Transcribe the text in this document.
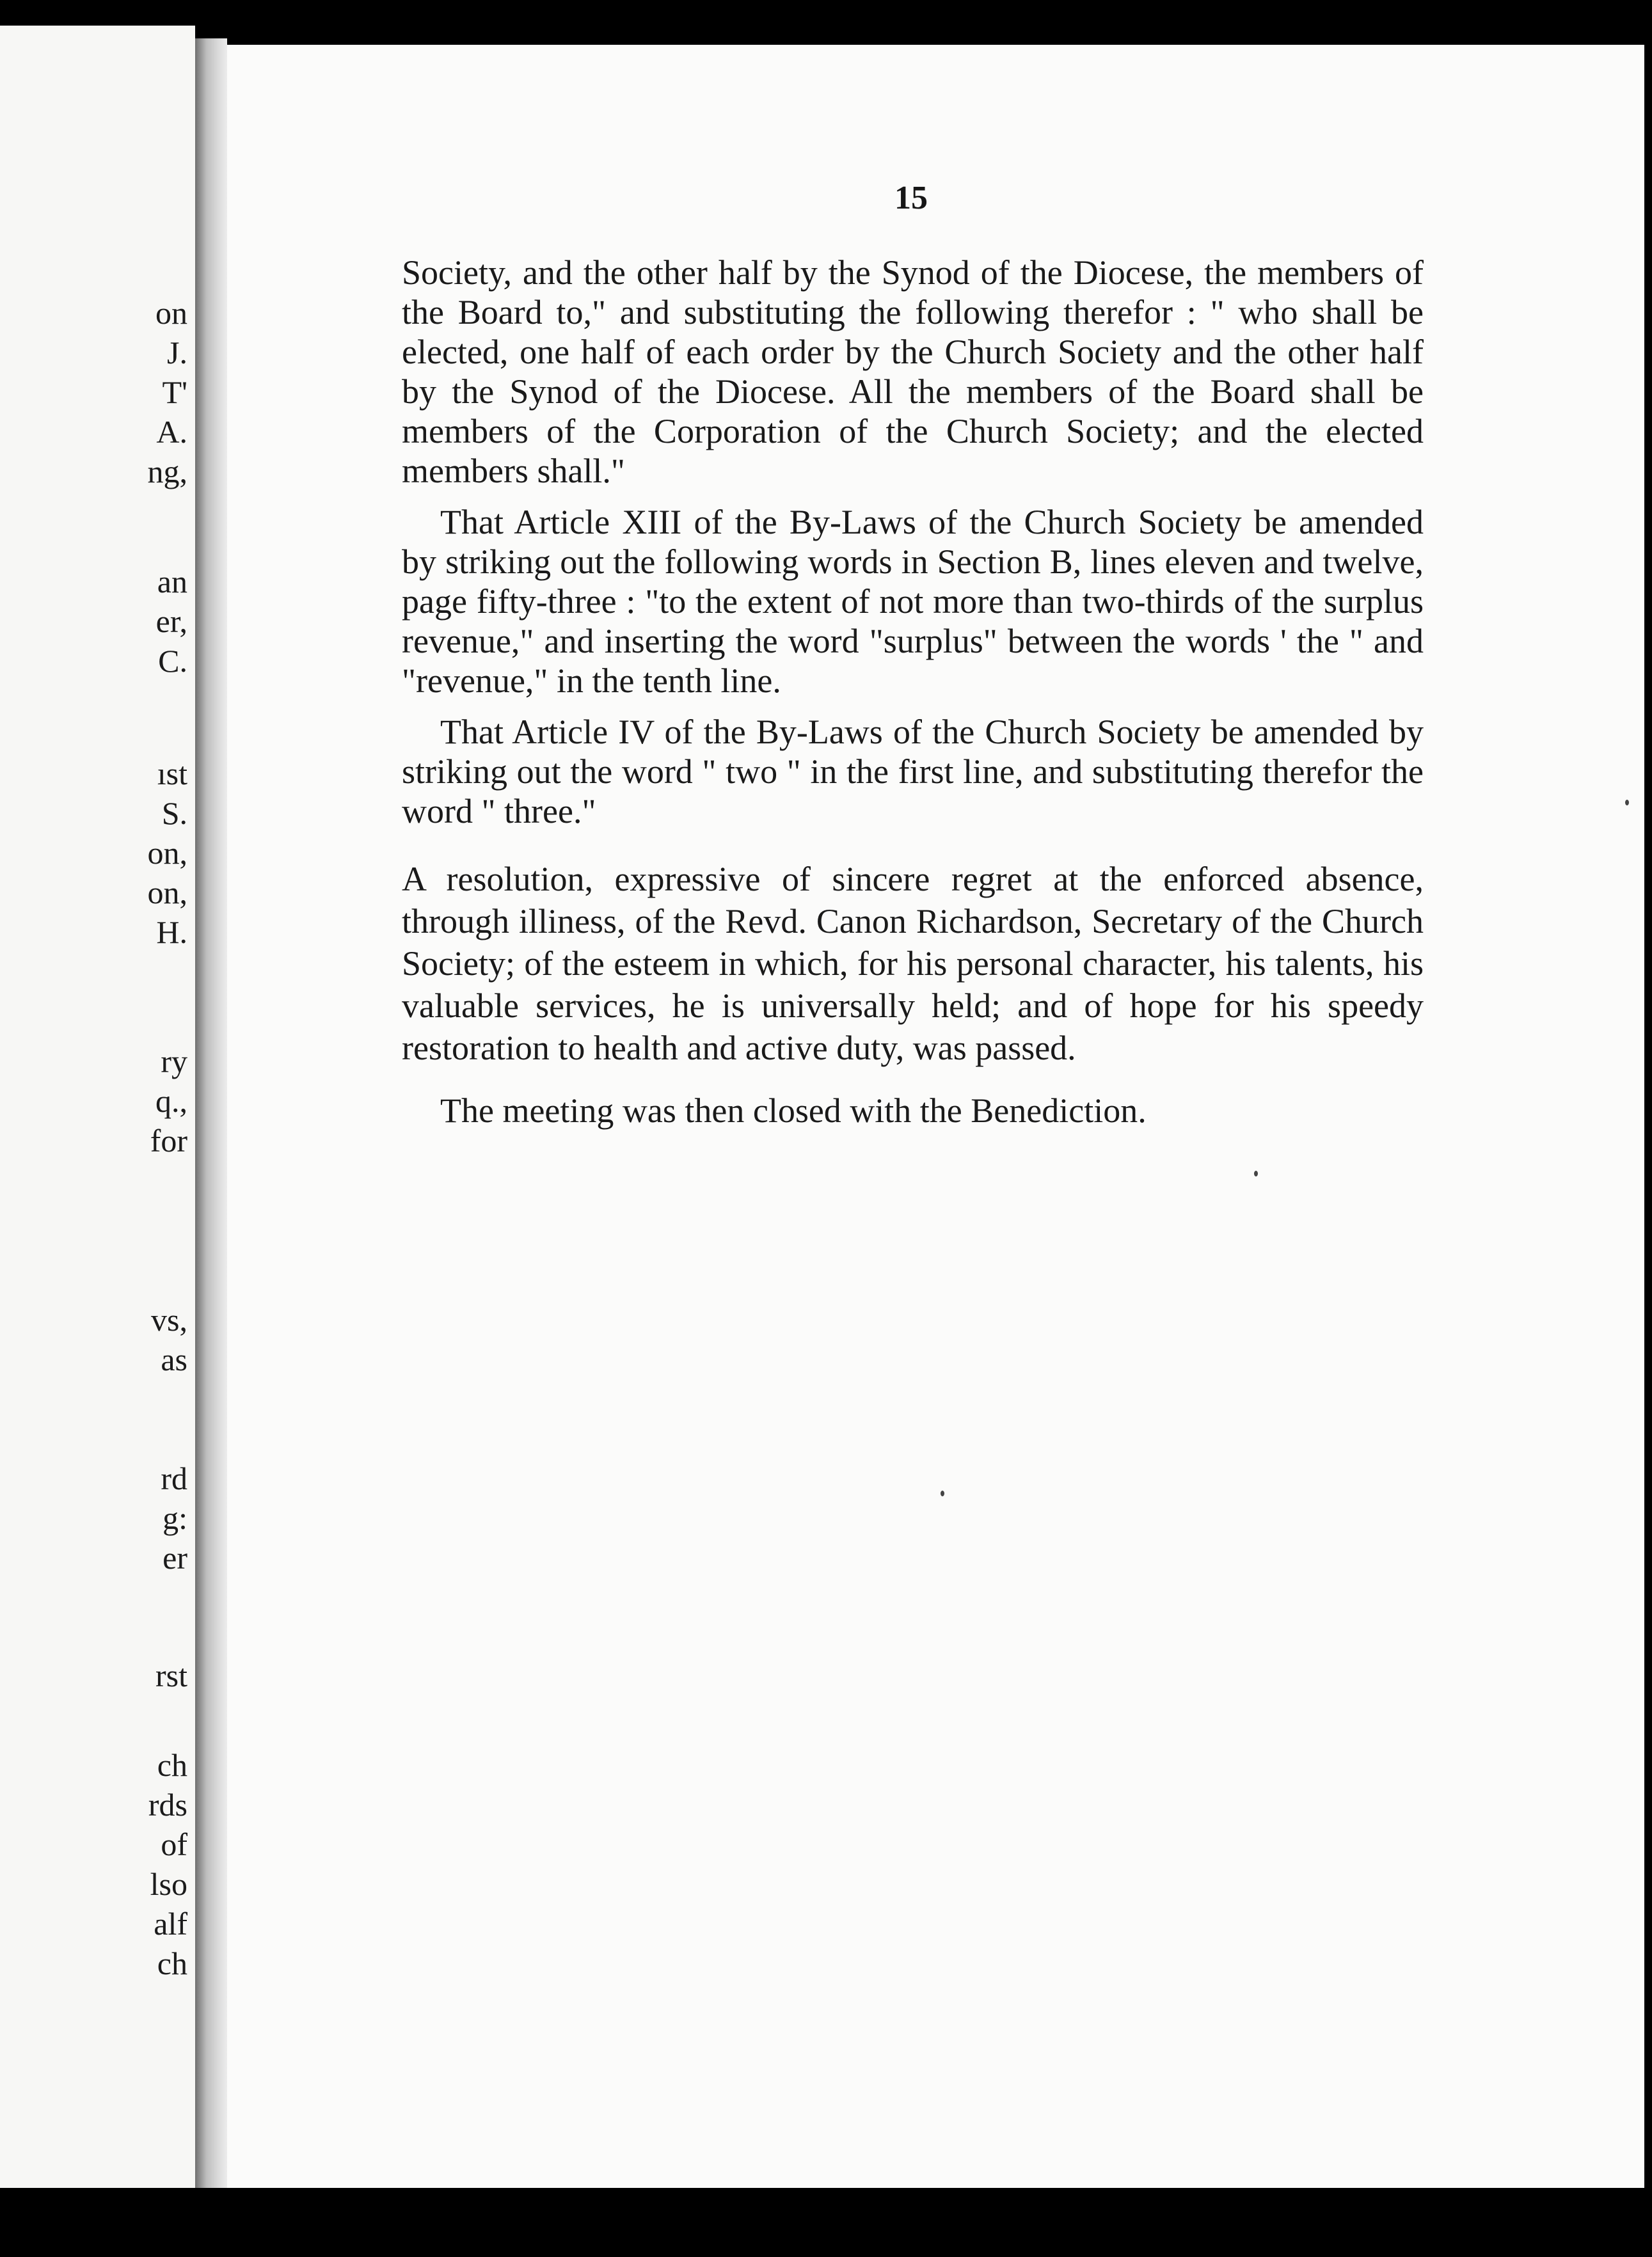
on
J.
T'
A.
ng,
an
er,
C.
ıst
S.
on,
on,
H.
ry
q.,
for
vs,
as
rd
g:
er
rst
ch
rds
of
lso
alf
ch
15

Society, and the other half by the Synod of the Diocese, the members of the Board to," and substituting the following therefor : " who shall be elected, one half of each order by the Church Society and the other half by the Synod of the Diocese. All the members of the Board shall be members of the Corporation of the Church Society; and the elected members shall."

That Article XIII of the By-Laws of the Church Society be amended by striking out the following words in Section B, lines eleven and twelve, page fifty-three : "to the extent of not more than two-thirds of the surplus revenue," and inserting the word "surplus" between the words ' the " and "revenue," in the tenth line.

That Article IV of the By-Laws of the Church Society be amended by striking out the word " two " in the first line, and substituting therefor the word " three."

A resolution, expressive of sincere regret at the enforced absence, through illiness, of the Revd. Canon Richardson, Secretary of the Church Society; of the esteem in which, for his personal character, his talents, his valuable services, he is universally held; and of hope for his speedy restoration to health and active duty, was passed.

The meeting was then closed with the Benediction.
